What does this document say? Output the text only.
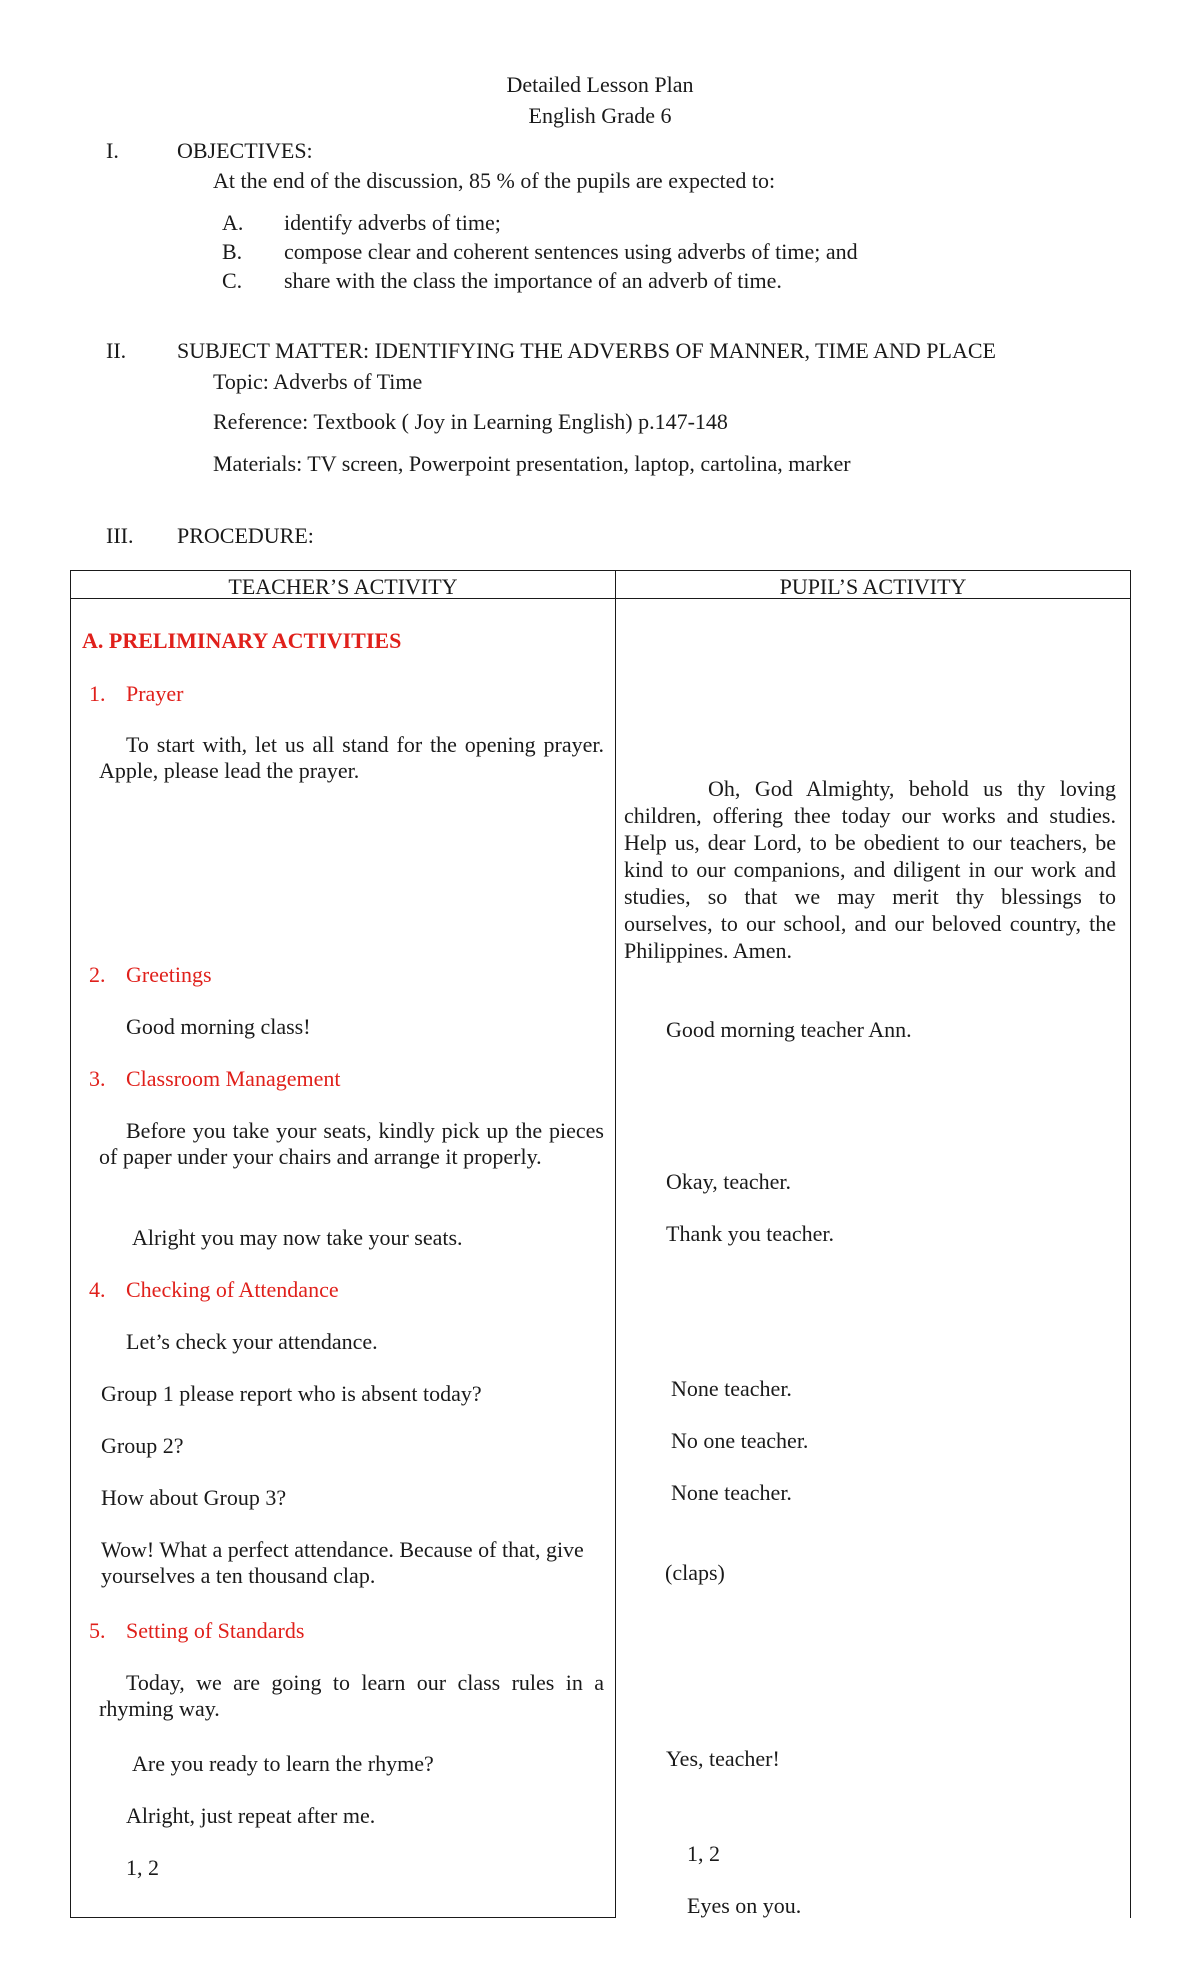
Detailed Lesson Plan
English Grade 6
I.	OBJECTIVES:
At the end of the discussion, 85 % of the pupils are expected to:
A. identify adverbs of time;
B. compose clear and coherent sentences using adverbs of time; and
C. share with the class the importance of an adverb of time.
II. SUBJECT MATTER: IDENTIFYING THE ADVERBS OF MANNER, TIME AND PLACE
Topic: Adverbs of Time
Reference: Textbook ( Joy in Learning English) p.147-148
Materials: TV screen, Powerpoint presentation, laptop, cartolina, marker
III. PROCEDURE:
TEACHER’S ACTIVITY	PUPIL’S ACTIVITY
A. PRELIMINARY ACTIVITIES
1. Prayer
To start with, let us all stand for the opening prayer. Apple, please lead the prayer.
2. Greetings
Good morning class!
3. Classroom Management
Before you take your seats, kindly pick up the pieces of paper under your chairs and arrange it properly.
Alright you may now take your seats.
4. Checking of Attendance
Let’s check your attendance.
Group 1 please report who is absent today?
Group 2?
How about Group 3?
Wow! What a perfect attendance. Because of that, give yourselves a ten thousand clap.
5. Setting of Standards
Today, we are going to learn our class rules in a rhyming way.
Are you ready to learn the rhyme?
Alright, just repeat after me.
1, 2
Oh, God Almighty, behold us thy loving children, offering thee today our works and studies. Help us, dear Lord, to be obedient to our teachers, be kind to our companions, and diligent in our work and studies, so that we may merit thy blessings to ourselves, to our school, and our beloved country, the Philippines. Amen.
Good morning teacher Ann.
Okay, teacher.
Thank you teacher.
None teacher.
No one teacher.
None teacher.
(claps)
Yes, teacher!
1, 2
Eyes on you.
